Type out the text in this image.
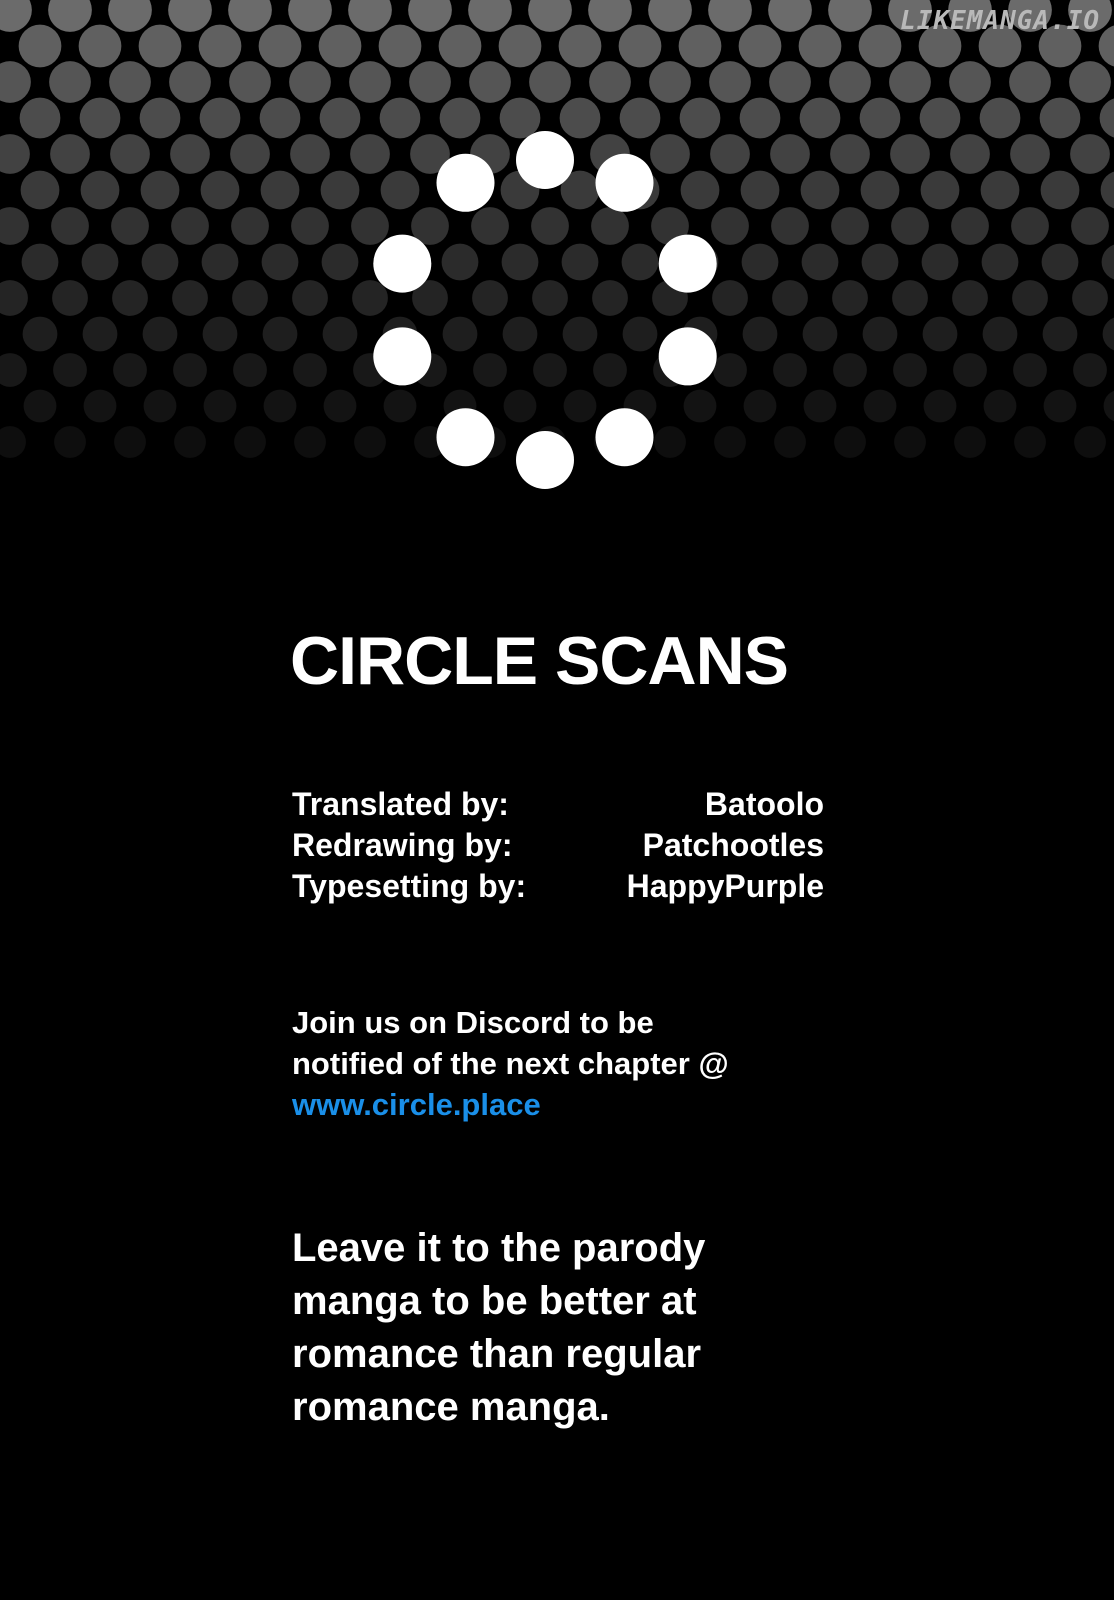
LIKEMANGA.IO
CIRCLE SCANS
Translated by:	Batoolo
Redrawing by:	Patchootles
Typesetting by:	HappyPurple
Join us on Discord to be
notified of the next chapter @
www.circle.place
Leave it to the parody
manga to be better at
romance than regular
romance manga.
